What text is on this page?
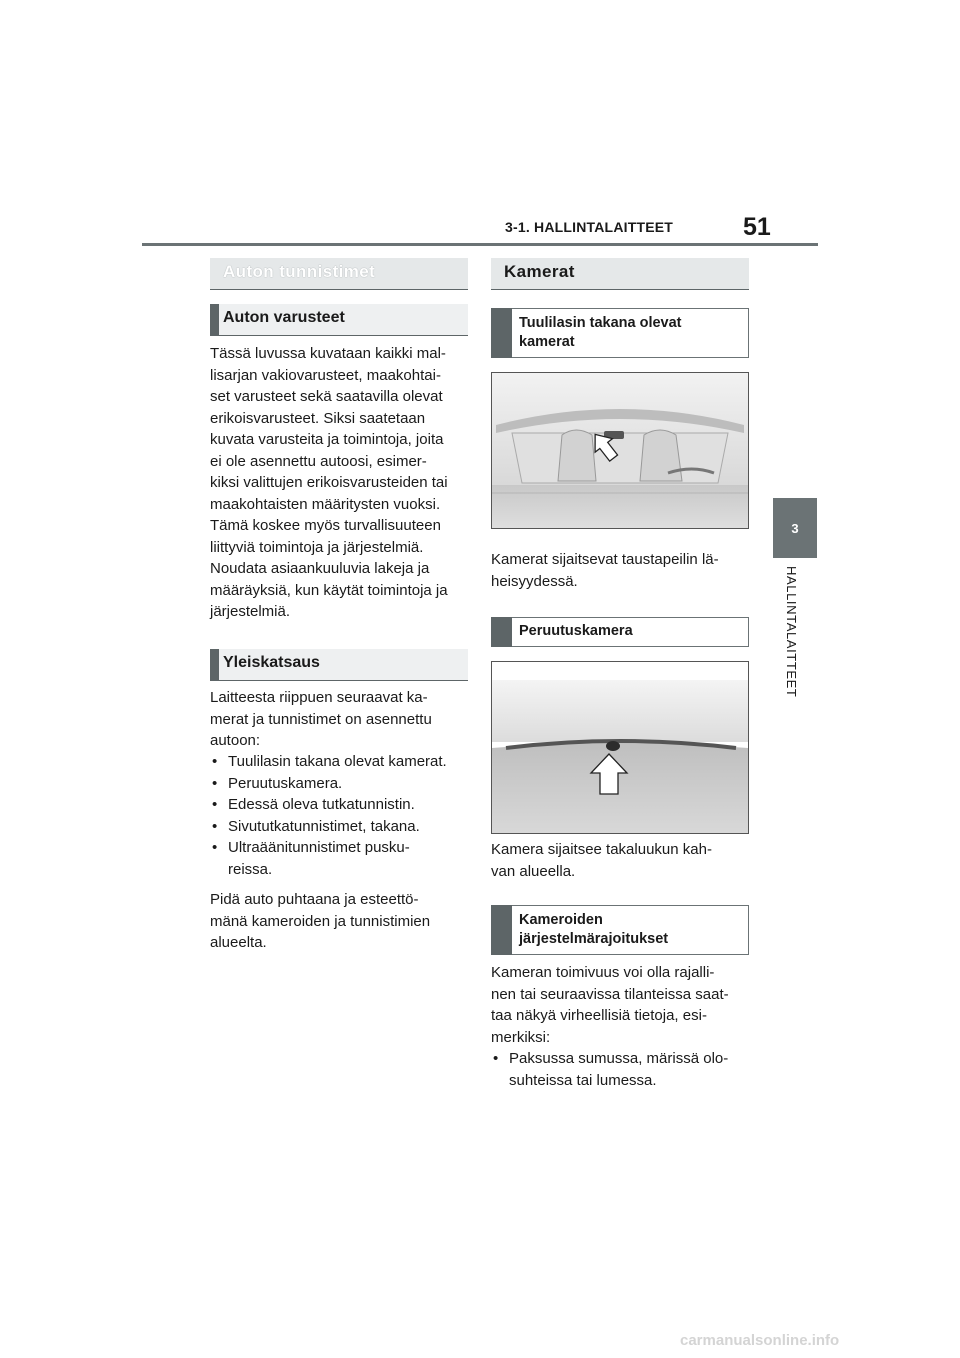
3-1. HALLINTALAITTEET	51
3
HALLINTALAITTEET
Auton tunnistimet
Auton varusteet
Tässä luvussa kuvataan kaikki mal-
lisarjan vakiovarusteet, maakohtai-
set varusteet sekä saatavilla olevat
erikoisvarusteet. Siksi saatetaan
kuvata varusteita ja toimintoja, joita
ei ole asennettu autoosi, esimer-
kiksi valittujen erikoisvarusteiden tai
maakohtaisten määritysten vuoksi.
Tämä koskee myös turvallisuuteen
liittyviä toimintoja ja järjestelmiä.
Noudata asiaankuuluvia lakeja ja
määräyksiä, kun käytät toimintoja ja
järjestelmiä.
Yleiskatsaus
Laitteesta riippuen seuraavat ka-
merat ja tunnistimet on asennettu
autoon:
• Tuulilasin takana olevat kamerat.
• Peruutuskamera.
• Edessä oleva tutkatunnistin.
• Sivututkatunnistimet, takana.
• Ultraäänitunnistimet pusku-
reissa.
Pidä auto puhtaana ja esteettö-
mänä kameroiden ja tunnistimien
alueelta.
Kamerat
Tuulilasin takana olevat
kamerat
Kamerat sijaitsevat taustapeilin lä-
heisyydessä.
Peruutuskamera
Kamera sijaitsee takaluukun kah-
van alueella.
Kameroiden
järjestelmärajoitukset
Kameran toimivuus voi olla rajalli-
nen tai seuraavissa tilanteissa saat-
taa näkyä virheellisiä tietoja, esi-
merkiksi:
• Paksussa sumussa, märissä olo-
suhteissa tai lumessa.
carmanualsonline.info
